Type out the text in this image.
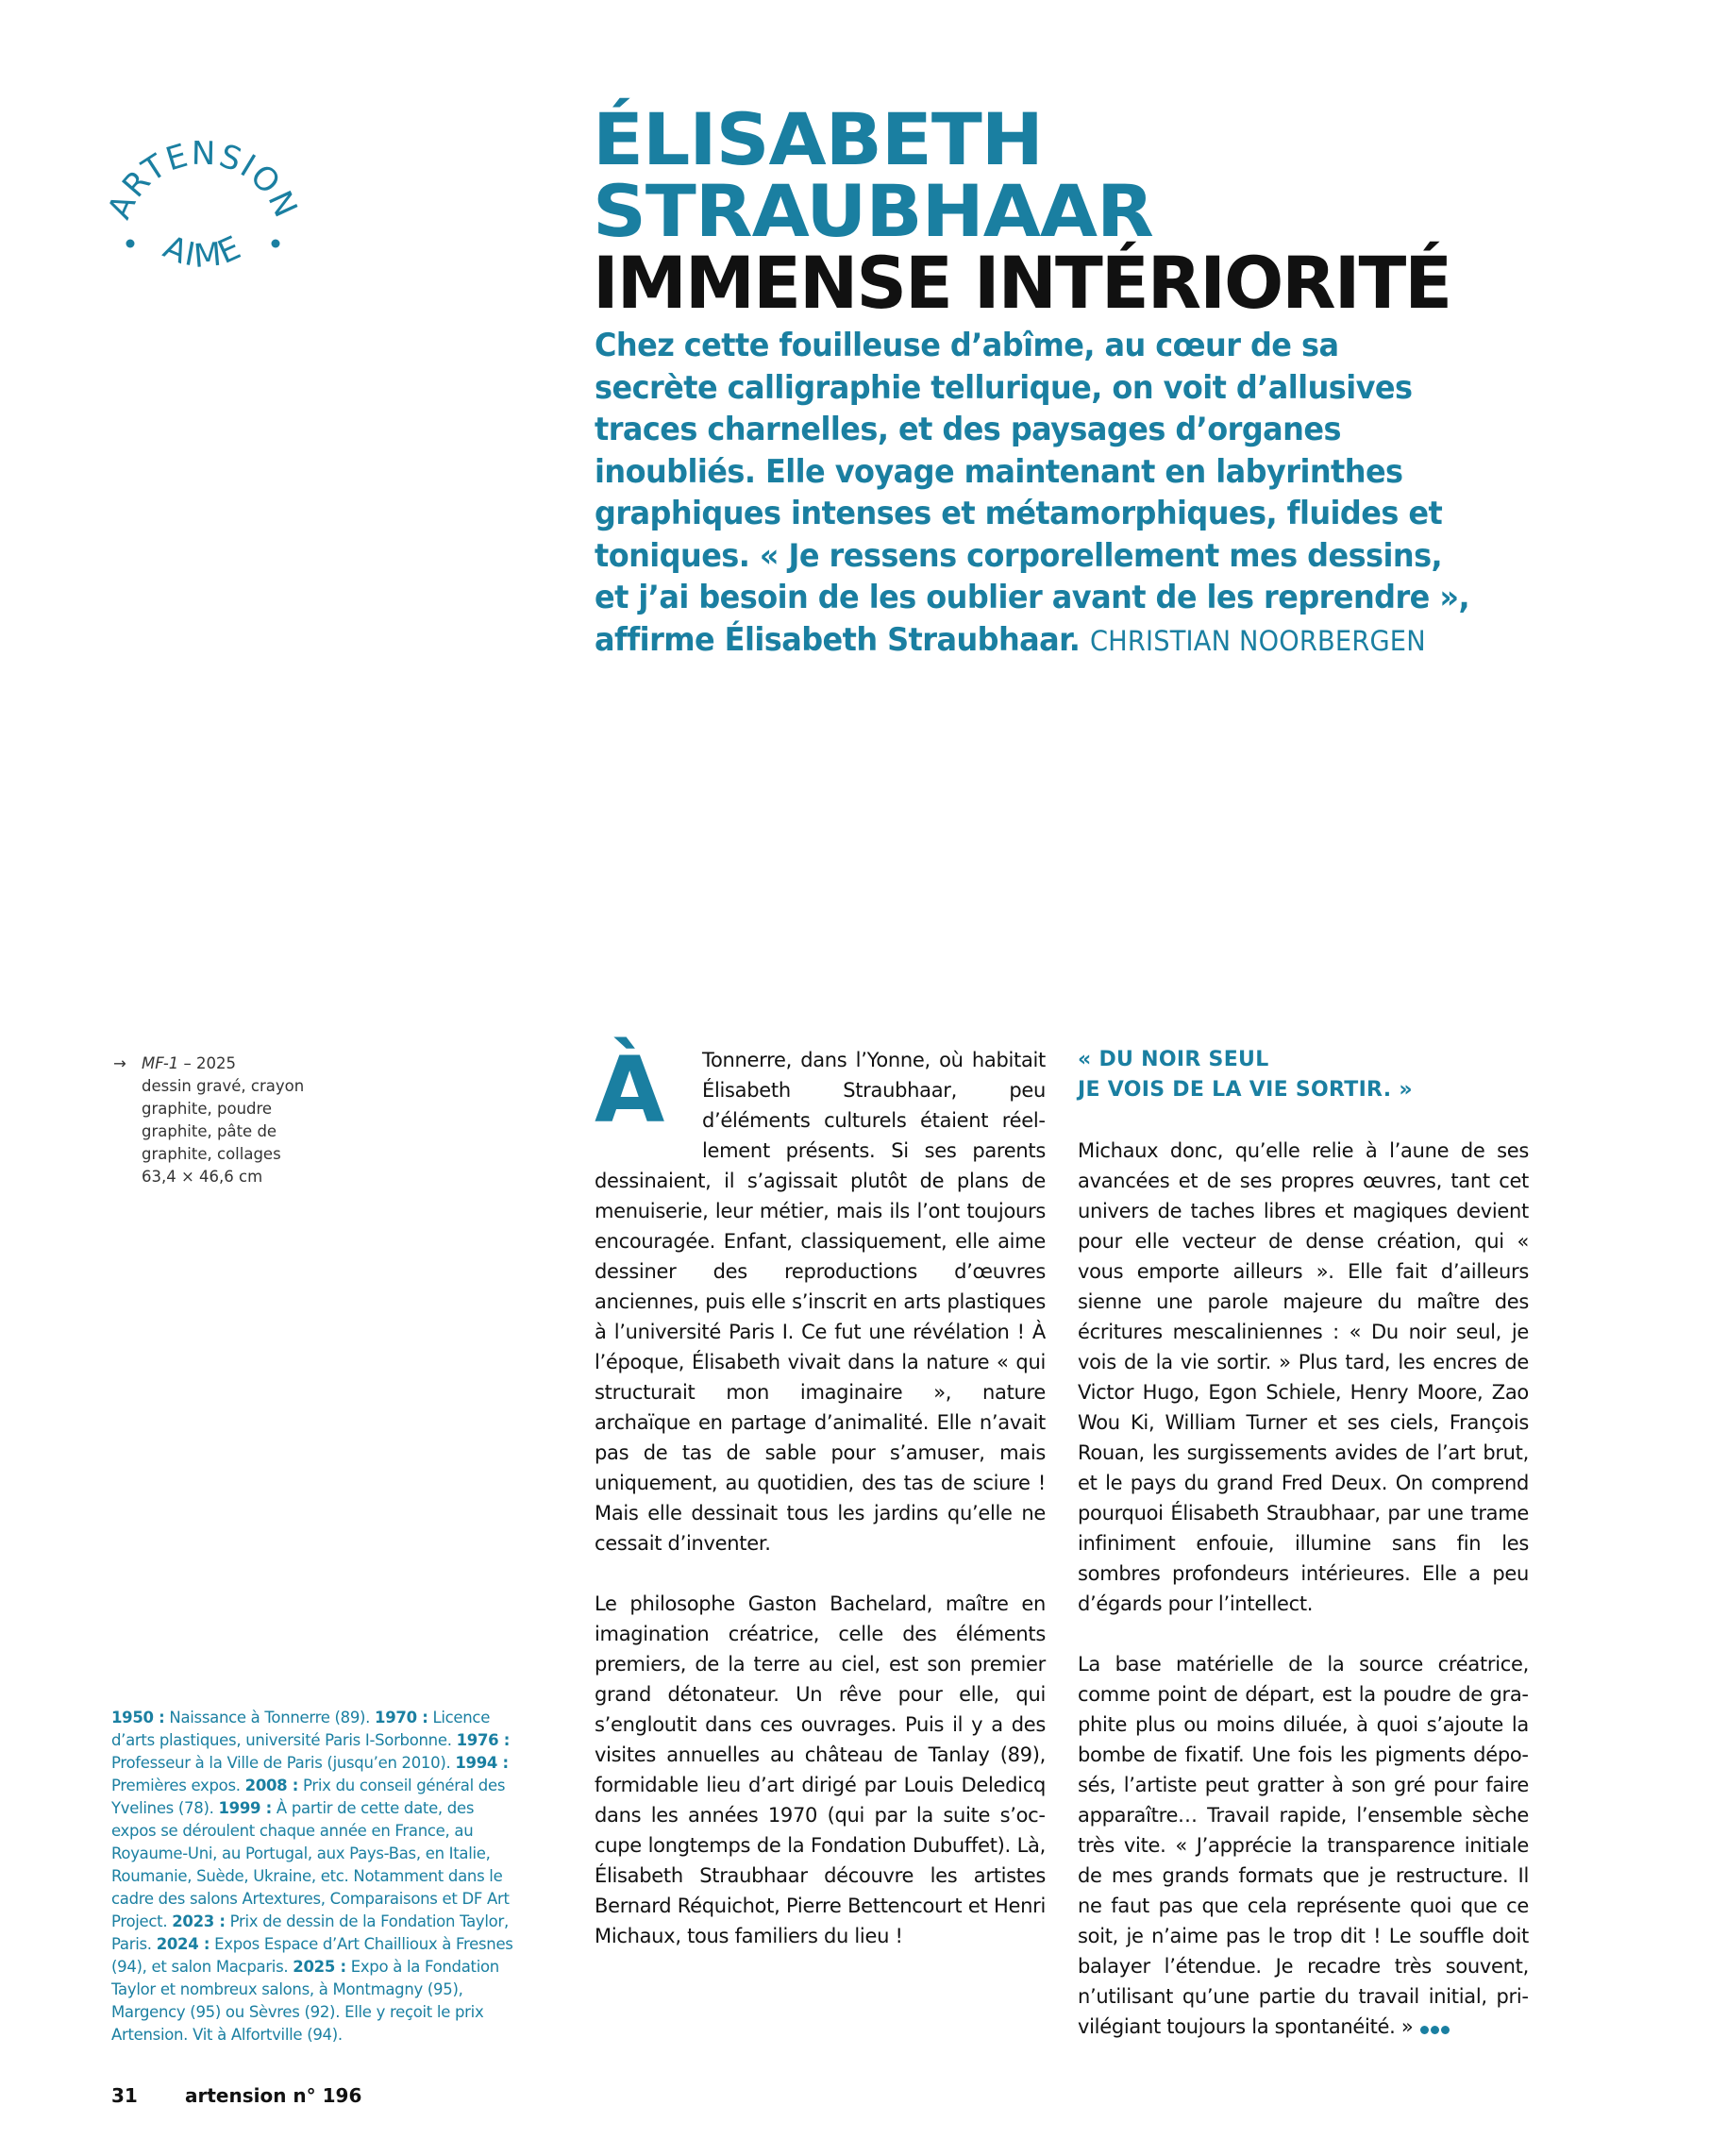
ARTENSION
AIME
ÉLISABETH
STRAUBHAAR
IMMENSE INTÉRIORITÉ
Chez cette fouilleuse d’abîme, au cœur de sa
secrète calligraphie tellurique, on voit d’allusives
traces charnelles, et des paysages d’organes
inoubliés. Elle voyage maintenant en labyrinthes
graphiques intenses et métamorphiques, fluides et
toniques. « Je ressens corporellement mes dessins,
et j’ai besoin de les oublier avant de les reprendre »,
affirme Élisabeth Straubhaar. CHRISTIAN NOORBERGEN
→ MF-1 – 2025
dessin gravé, crayon
graphite, poudre
graphite, pâte de
graphite, collages
63,4 × 46,6 cm
1950 : Naissance à Tonnerre (89). 1970 : Licence d’arts plastiques, université Paris I-Sorbonne. 1976 : Professeur à la Ville de Paris (jusqu’en 2010). 1994 : Premières expos. 2008 : Prix du conseil général des Yvelines (78). 1999 : À partir de cette date, des expos se déroulent chaque année en France, au Royaume-Uni, au Portugal, aux Pays-Bas, en Italie, Roumanie, Suède, Ukraine, etc. Notamment dans le cadre des salons Artextures, Comparaisons et DF Art Project. 2023 : Prix de dessin de la Fondation Taylor, Paris. 2024 : Expos Espace d’Art Chaillioux à Fresnes (94), et salon Macparis. 2025 : Expo à la Fondation Taylor et nombreux salons, à Montmagny (95), Margency (95) ou Sèvres (92). Elle y reçoit le prix Artension. Vit à Alfortville (94).

À Tonnerre, dans l’Yonne, où habitait Élisabeth Straubhaar, peu d’éléments culturels étaient réellement présents. Si ses parents dessinaient, il s’agissait plutôt de plans de menuiserie, leur métier, mais ils l’ont toujours encouragée. Enfant, classiquement, elle aime dessiner des reproductions d’œuvres anciennes, puis elle s’inscrit en arts plastiques à l’université Paris I. Ce fut une révélation ! À l’époque, Élisabeth vivait dans la nature « qui structurait mon imaginaire », nature archaïque en partage d’animalité. Elle n’avait pas de tas de sable pour s’amuser, mais uniquement, au quotidien, des tas de sciure ! Mais elle dessinait tous les jardins qu’elle ne cessait d’inventer.

Le philosophe Gaston Bachelard, maître en imagination créatrice, celle des éléments premiers, de la terre au ciel, est son premier grand détonateur. Un rêve pour elle, qui s’engloutit dans ces ouvrages. Puis il y a des visites annuelles au château de Tanlay (89), formidable lieu d’art dirigé par Louis Deledicq dans les années 1970 (qui par la suite s’occupe longtemps de la Fondation Dubuffet). Là, Élisabeth Straubhaar découvre les artistes Bernard Réquichot, Pierre Bettencourt et Henri Michaux, tous familiers du lieu !

« DU NOIR SEUL
JE VOIS DE LA VIE SORTIR. »

Michaux donc, qu’elle relie à l’aune de ses avancées et de ses propres œuvres, tant cet univers de taches libres et magiques devient pour elle vecteur de dense création, qui « vous emporte ailleurs ». Elle fait d’ailleurs sienne une parole majeure du maître des écritures mescaliniennes : « Du noir seul, je vois de la vie sortir. » Plus tard, les encres de Victor Hugo, Egon Schiele, Henry Moore, Zao Wou Ki, William Turner et ses ciels, François Rouan, les surgissements avides de l’art brut, et le pays du grand Fred Deux. On comprend pourquoi Élisabeth Straubhaar, par une trame infiniment enfouie, illumine sans fin les sombres profondeurs intérieures. Elle a peu d’égards pour l’intellect.

La base matérielle de la source créatrice, comme point de départ, est la poudre de graphite plus ou moins diluée, à quoi s’ajoute la bombe de fixatif. Une fois les pigments déposés, l’artiste peut gratter à son gré pour faire apparaître… Travail rapide, l’ensemble sèche très vite. « J’apprécie la transparence initiale de mes grands formats que je restructure. Il ne faut pas que cela représente quoi que ce soit, je n’aime pas le trop dit ! Le souffle doit balayer l’étendue. Je recadre très souvent, n’utilisant qu’une partie du travail initial, privilégiant toujours la spontanéité. »

31	artension n° 196
